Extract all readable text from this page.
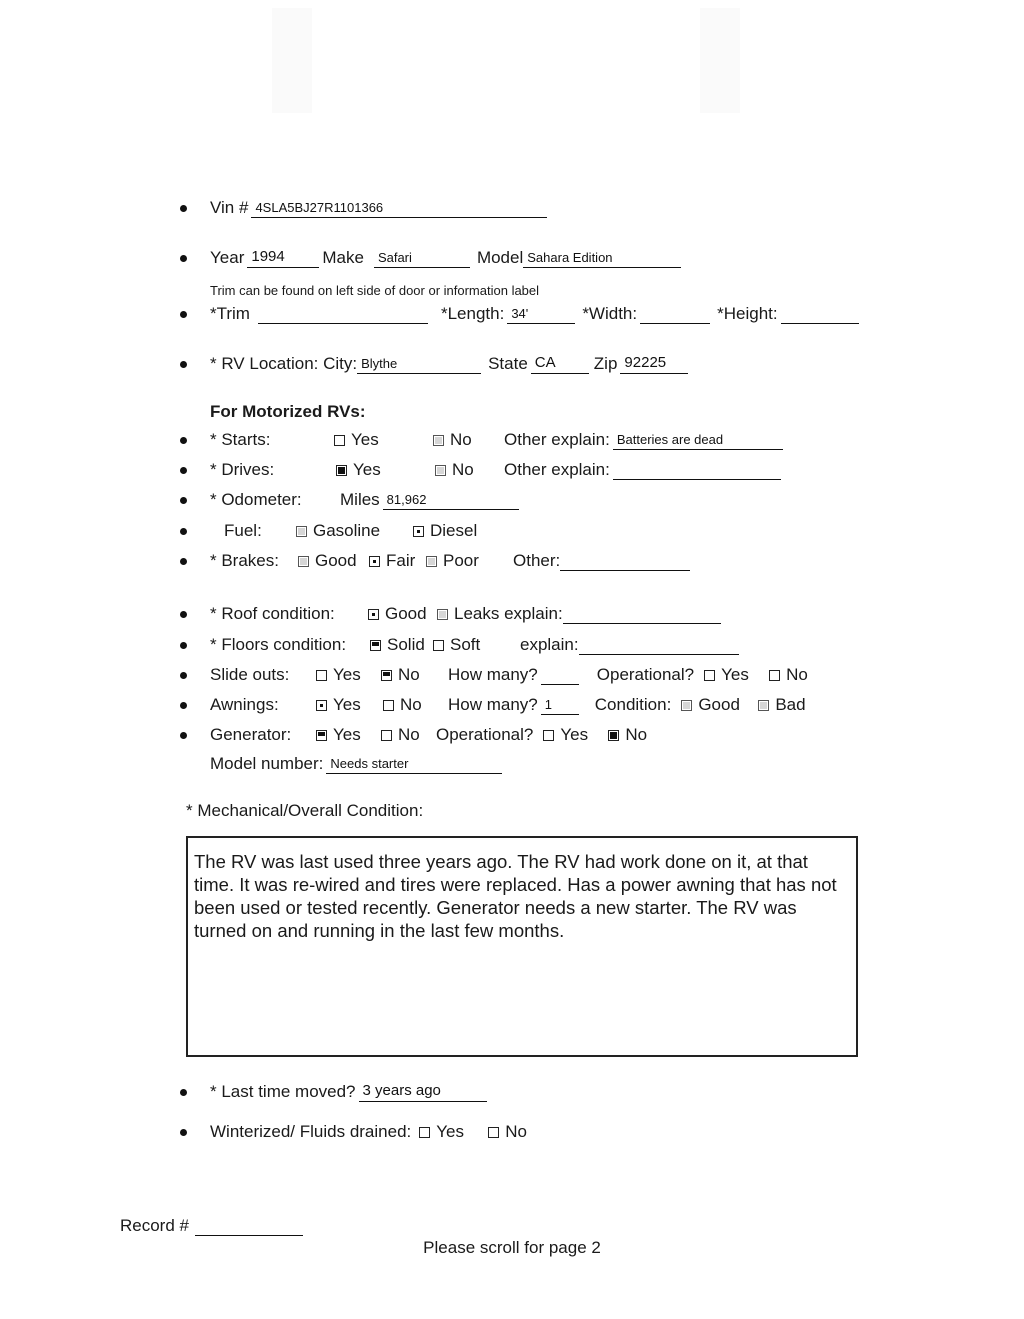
Vin # 4SLA5BJ27R1101366
Year 1994 Make Safari	Model Sahara Edition
Trim can be found on left side of door or information label
*Trim	*Length: 34'	*Width:	*Height:
* RV Location: City: Blythe	State CA Zip 92225
For Motorized RVs:
* Starts:	Yes	No	Other explain: Batteries are dead
* Drives:	Yes	No	Other explain:
* Odometer:	Miles 81,962
Fuel:	Gasoline	Diesel
* Brakes:	Good	Fair	Poor	Other:
* Roof condition:	Good	Leaks explain:
* Floors condition:	Solid	Soft	explain:
Slide outs:	Yes	No	How many?	Operational? Yes	No
Awnings:	Yes	No	How many? 1	Condition: Good	Bad
Generator:	Yes	No Operational? Yes	No
Model number: Needs starter
* Mechanical/Overall Condition:
The RV was last used three years ago. The RV had work done on it, at that time. It was re-wired and tires were replaced. Has a power awning that has not been used or tested recently. Generator needs a new starter. The RV was turned on and running in the last few months.
* Last time moved? 3 years ago
Winterized/ Fluids drained: Yes	No
Record #
Please scroll for page 2
